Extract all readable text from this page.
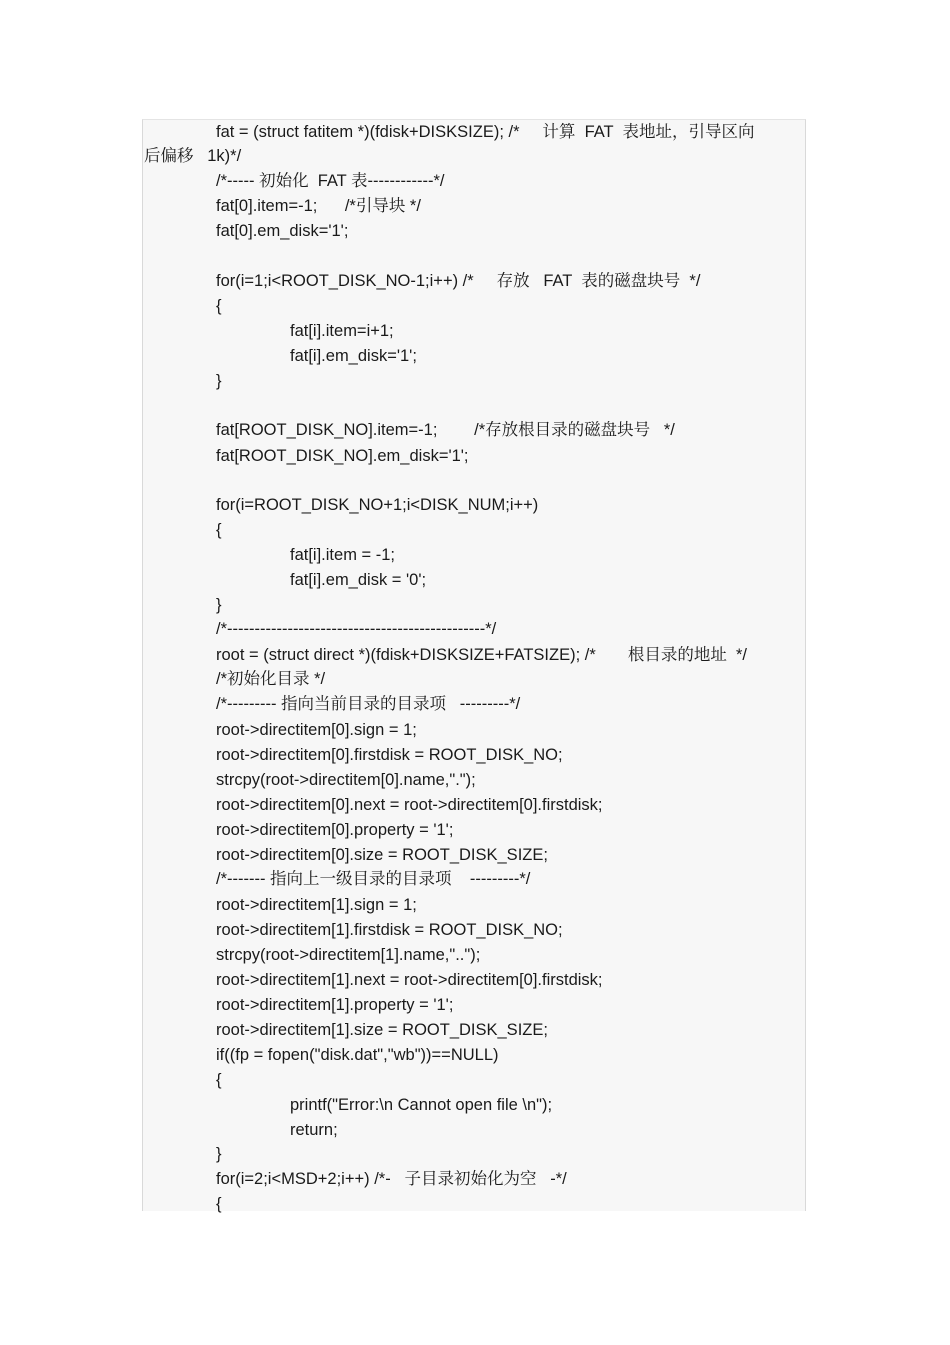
fat = (struct fatitem *)(fdisk+DISKSIZE); /*     计算  FAT  表地址，引导区向
后偏移   1k)*/
/*----- 初始化  FAT 表------------*/
fat[0].item=-1;      /*引导块 */
fat[0].em_disk='1';
for(i=1;i<ROOT_DISK_NO-1;i++) /*     存放   FAT  表的磁盘块号  */
{
fat[i].item=i+1;
fat[i].em_disk='1';
}
fat[ROOT_DISK_NO].item=-1;        /*存放根目录的磁盘块号   */
fat[ROOT_DISK_NO].em_disk='1';
for(i=ROOT_DISK_NO+1;i<DISK_NUM;i++)
{
fat[i].item = -1;
fat[i].em_disk = '0';
}
/*-----------------------------------------------*/
root = (struct direct *)(fdisk+DISKSIZE+FATSIZE); /*       根目录的地址  */
/*初始化目录 */
/*--------- 指向当前目录的目录项   ---------*/
root->directitem[0].sign = 1;
root->directitem[0].firstdisk = ROOT_DISK_NO;
strcpy(root->directitem[0].name,".");
root->directitem[0].next = root->directitem[0].firstdisk;
root->directitem[0].property = '1';
root->directitem[0].size = ROOT_DISK_SIZE;
/*------- 指向上一级目录的目录项    ---------*/
root->directitem[1].sign = 1;
root->directitem[1].firstdisk = ROOT_DISK_NO;
strcpy(root->directitem[1].name,"..");
root->directitem[1].next = root->directitem[0].firstdisk;
root->directitem[1].property = '1';
root->directitem[1].size = ROOT_DISK_SIZE;
if((fp = fopen("disk.dat","wb"))==NULL)
{
printf("Error:\n Cannot open file \n");
return;
}
for(i=2;i<MSD+2;i++) /*-   子目录初始化为空   -*/
{
